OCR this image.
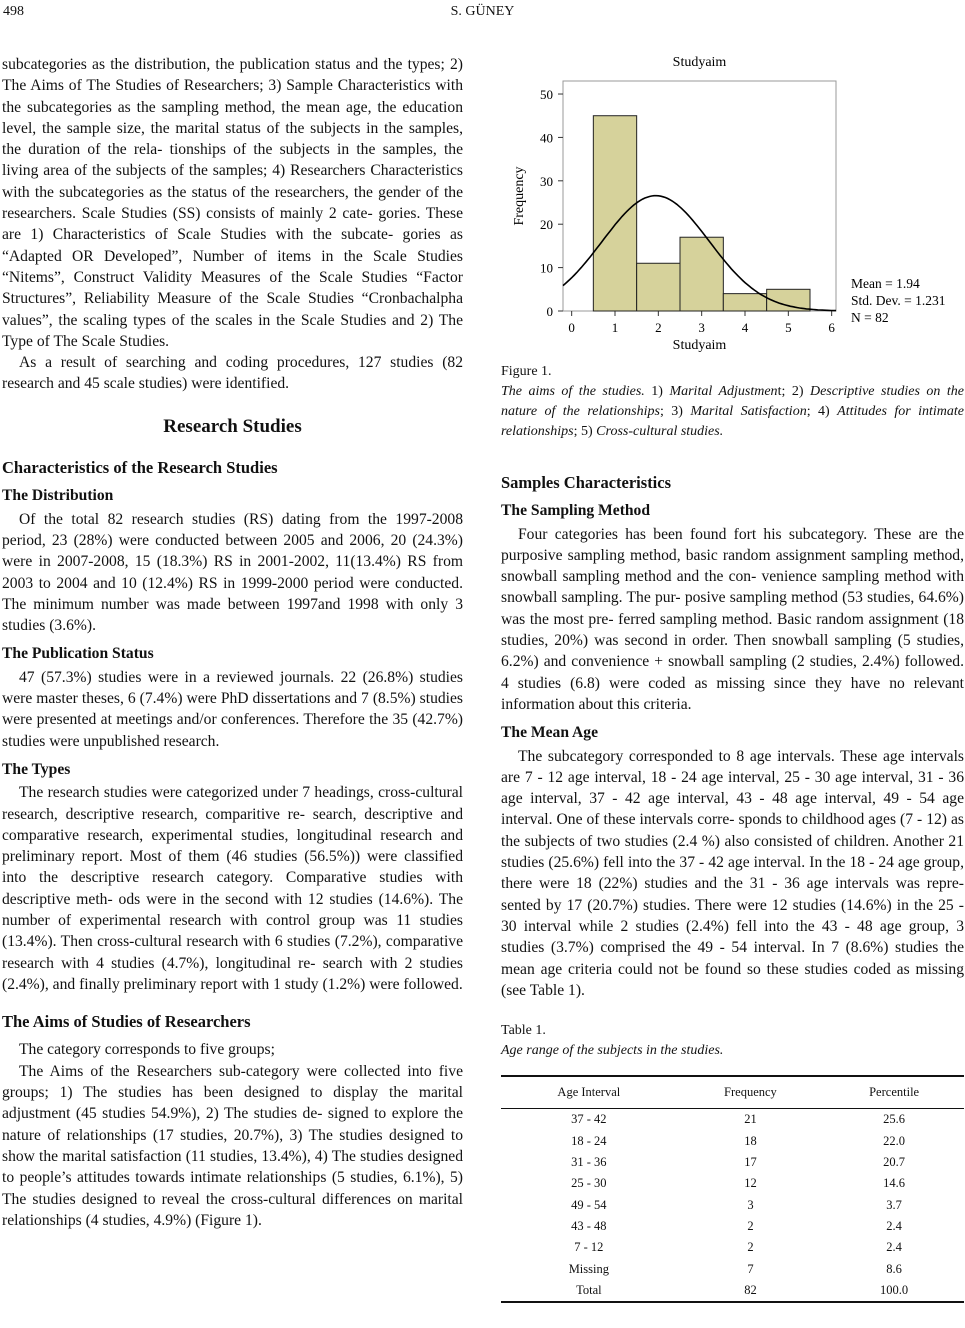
498	S. GÜNEY

subcategories as the distribution, the publication status and the types; 2) The Aims of The Studies of Researchers; 3) Sample Characteristics with the subcategories as the sampling method, the mean age, the education level, the sample size, the marital status of the subjects in the samples, the duration of the rela- tionships of the subjects in the samples, the living area of the subjects of the samples; 4) Researchers Characteristics with the subcategories as the status of the researchers, the gender of the researchers. Scale Studies (SS) consists of mainly 2 cate- gories. These are 1) Characteristics of Scale Studies with the subcate- gories as “Adapted OR Developed”, Number of items in the Scale Studies “Nitems”, Construct Validity Measures of the Scale Studies “Factor Structures”, Reliability Measure of the Scale Studies “Cronbachalpha values”, the scaling types of the scales in the Scale Studies and 2) The Type of The Scale Studies.

As a result of searching and coding procedures, 127 studies (82 research and 45 scale studies) were identified.

Research Studies
Characteristics of the Research Studies
The Distribution

Of the total 82 research studies (RS) dating from the 1997-2008 period, 23 (28%) were conducted between 2005 and 2006, 20 (24.3%) were in 2007-2008, 15 (18.3%) RS in 2001-2002, 11(13.4%) RS from 2003 to 2004 and 10 (12.4%) RS in 1999-2000 period were conducted. The minimum number was made between 1997and 1998 with only 3 studies (3.6%).

The Publication Status

47 (57.3%) studies were in a reviewed journals. 22 (26.8%) studies were master theses, 6 (7.4%) were PhD dissertations and 7 (8.5%) studies were presented at meetings and/or conferences. Therefore the 35 (42.7%) studies were unpublished research.

The Types

The research studies were categorized under 7 headings, cross-cultural research, descriptive research, comparitive re- search, descriptive and comparative research, experimental studies, longitudinal research and preliminary report. Most of them (46 studies (56.5%)) were classified into the descriptive research category. Comparative studies with descriptive meth- ods were in the second with 12 studies (14.6%). The number of experimental research with control group was 11 studies (13.4%). Then cross-cultural research with 6 studies (7.2%), comparative research with 4 studies (4.7%), longitudinal re- search with 2 studies (2.4%), and finally preliminary report with 1 study (1.2%) were followed.

The Aims of Studies of Researchers

The category corresponds to five groups;

The Aims of the Researchers sub-category were collected into five groups; 1) The studies has been designed to display the marital adjustment (45 studies 54.9%), 2) The studies de- signed to explore the nature of relationships (17 studies, 20.7%), 3) The studies designed to show the marital satisfaction (11 studies, 13.4%), 4) The studies designed to people’s attitudes towards intimate relationships (5 studies, 6.1%), 5) The studies designed to reveal the cross-cultural differences on marital relationships (4 studies, 4.9%) (Figure 1).

Studyaim
0
10
20
30
40
50
0	1	2	3	4	5	6
Studyaim
Frequency
Mean = 1.94
Std. Dev. = 1.231
N = 82
Figure 1.
The aims of the studies. 1) Marital Adjustment; 2) Descriptive studies on the nature of the relationships; 3) Marital Satisfaction; 4) Attitudes for intimate relationships; 5) Cross-cultural studies.
Samples Characteristics
The Sampling Method

Four categories has been found fort his subcategory. These are the purposive sampling method, basic random assignment sampling method, snowball sampling method and the con- venience sampling method with snowball sampling. The pur- posive sampling method (53 studies, 64.6%) was the most pre- ferred sampling method. Basic random assignment (18 studies, 20%) was second in order. Then snowball sampling (5 studies, 6.2%) and convenience + snowball sampling (2 studies, 2.4%) followed. 4 studies (6.8) were coded as missing since they have no relevant information about this criteria.

The Mean Age

The subcategory corresponded to 8 age intervals. These age intervals are 7 - 12 age interval, 18 - 24 age interval, 25 - 30 age interval, 31 - 36 age interval, 37 - 42 age interval, 43 - 48 age interval, 49 - 54 age interval. One of these intervals corre- sponds to childhood ages (7 - 12) as the subjects of two studies (2.4 %) also consisted of children. Another 21 studies (25.6%) fell into the 37 - 42 age interval. In the 18 - 24 age group, there were 18 (22%) studies and the 31 - 36 age intervals was repre- sented by 17 (20.7%) studies. There were 12 studies (14.6%) in the 25 - 30 interval while 2 studies (2.4%) fell into the 43 - 48 age group, 3 studies (3.7%) comprised the 49 - 54 interval. In 7 (8.6%) studies the mean age criteria could not be found so these studies coded as missing (see Table 1).

Table 1.
Age range of the subjects in the studies.
Age Interval	Frequency	Percentile
37 - 42	21	25.6
18 - 24	18	22.0
31 - 36	17	20.7
25 - 30	12	14.6
49 - 54	3	3.7
43 - 48	2	2.4
7 - 12	2	2.4
Missing	7	8.6
Total	82	100.0
